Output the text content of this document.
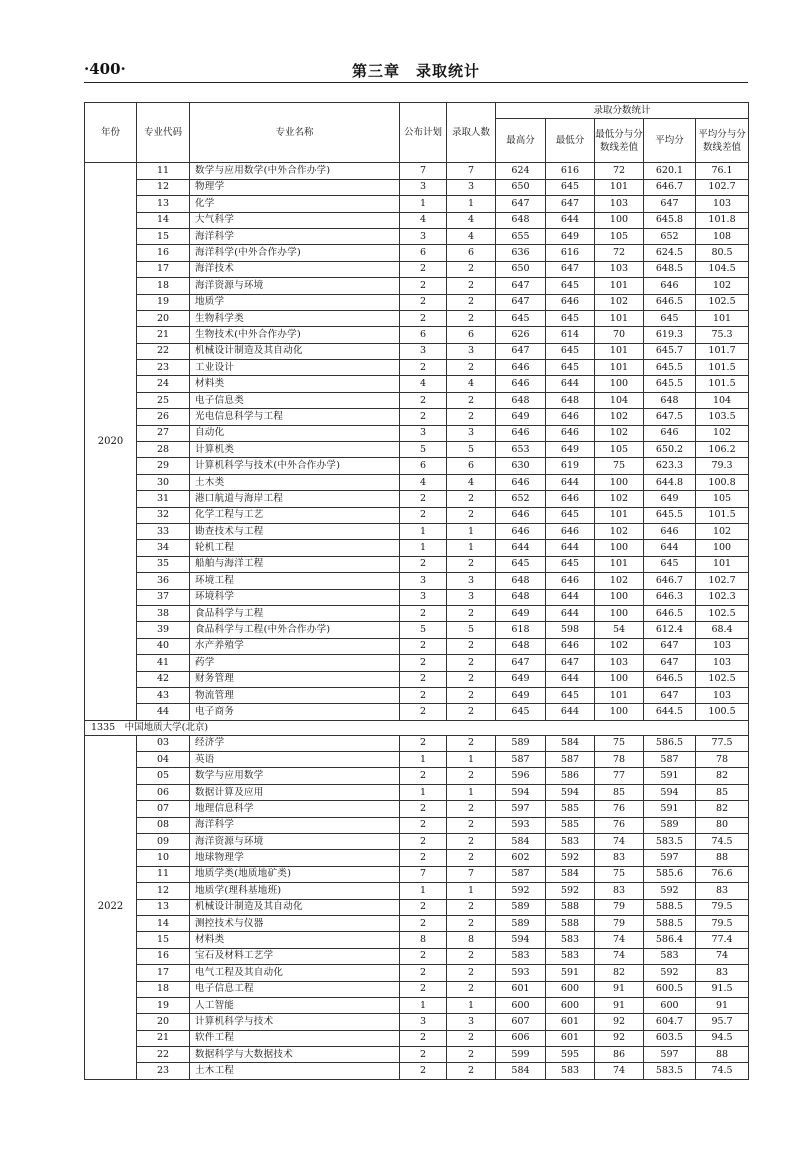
·400·	第三章　录取统计
年份	专业代码	专业名称	公布计划	录取人数	录取分数统计				
					最高分	最低分	最低分与分数线差值	平均分	平均分与分数线差值
2020	11	数学与应用数学(中外合作办学)	7	7	624	616	72	620.1	76.1
	12	物理学	3	3	650	645	101	646.7	102.7
	13	化学	1	1	647	647	103	647	103
	14	大气科学	4	4	648	644	100	645.8	101.8
	15	海洋科学	3	4	655	649	105	652	108
	16	海洋科学(中外合作办学)	6	6	636	616	72	624.5	80.5
	17	海洋技术	2	2	650	647	103	648.5	104.5
	18	海洋资源与环境	2	2	647	645	101	646	102
	19	地质学	2	2	647	646	102	646.5	102.5
	20	生物科学类	2	2	645	645	101	645	101
	21	生物技术(中外合作办学)	6	6	626	614	70	619.3	75.3
	22	机械设计制造及其自动化	3	3	647	645	101	645.7	101.7
	23	工业设计	2	2	646	645	101	645.5	101.5
	24	材料类	4	4	646	644	100	645.5	101.5
	25	电子信息类	2	2	648	648	104	648	104
	26	光电信息科学与工程	2	2	649	646	102	647.5	103.5
	27	自动化	3	3	646	646	102	646	102
	28	计算机类	5	5	653	649	105	650.2	106.2
	29	计算机科学与技术(中外合作办学)	6	6	630	619	75	623.3	79.3
	30	土木类	4	4	646	644	100	644.8	100.8
	31	港口航道与海岸工程	2	2	652	646	102	649	105
	32	化学工程与工艺	2	2	646	645	101	645.5	101.5
	33	勘查技术与工程	1	1	646	646	102	646	102
	34	轮机工程	1	1	644	644	100	644	100
	35	船舶与海洋工程	2	2	645	645	101	645	101
	36	环境工程	3	3	648	646	102	646.7	102.7
	37	环境科学	3	3	648	644	100	646.3	102.3
	38	食品科学与工程	2	2	649	644	100	646.5	102.5
	39	食品科学与工程(中外合作办学)	5	5	618	598	54	612.4	68.4
	40	水产养殖学	2	2	648	646	102	647	103
	41	药学	2	2	647	647	103	647	103
	42	财务管理	2	2	649	644	100	646.5	102.5
	43	物流管理	2	2	649	645	101	647	103
	44	电子商务	2	2	645	644	100	644.5	100.5
1335　中国地质大学(北京)									
2022	03	经济学	2	2	589	584	75	586.5	77.5
	04	英语	1	1	587	587	78	587	78
	05	数学与应用数学	2	2	596	586	77	591	82
	06	数据计算及应用	1	1	594	594	85	594	85
	07	地理信息科学	2	2	597	585	76	591	82
	08	海洋科学	2	2	593	585	76	589	80
	09	海洋资源与环境	2	2	584	583	74	583.5	74.5
	10	地球物理学	2	2	602	592	83	597	88
	11	地质学类(地质地矿类)	7	7	587	584	75	585.6	76.6
	12	地质学(理科基地班)	1	1	592	592	83	592	83
	13	机械设计制造及其自动化	2	2	589	588	79	588.5	79.5
	14	测控技术与仪器	2	2	589	588	79	588.5	79.5
	15	材料类	8	8	594	583	74	586.4	77.4
	16	宝石及材料工艺学	2	2	583	583	74	583	74
	17	电气工程及其自动化	2	2	593	591	82	592	83
	18	电子信息工程	2	2	601	600	91	600.5	91.5
	19	人工智能	1	1	600	600	91	600	91
	20	计算机科学与技术	3	3	607	601	92	604.7	95.7
	21	软件工程	2	2	606	601	92	603.5	94.5
	22	数据科学与大数据技术	2	2	599	595	86	597	88
	23	土木工程	2	2	584	583	74	583.5	74.5
